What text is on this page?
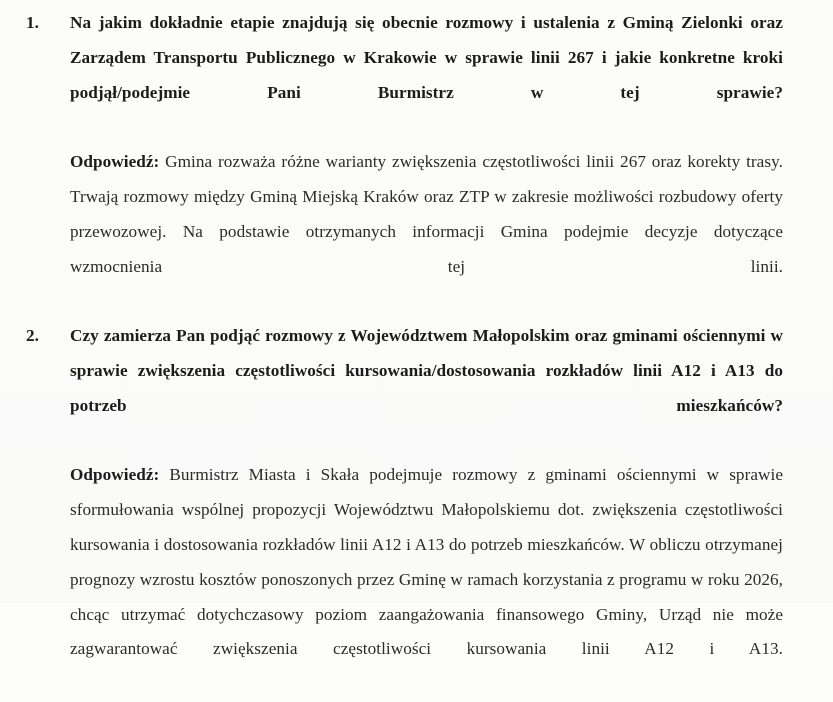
1.	Na jakim dokładnie etapie znajdują się obecnie rozmowy i ustalenia z Gminą Zielonki oraz Zarządem Transportu Publicznego w Krakowie w sprawie linii 267 i jakie konkretne kroki podjął/podejmie Pani Burmistrz w tej sprawie?

Odpowiedź: Gmina rozważa różne warianty zwiększenia częstotliwości linii 267 oraz korekty trasy. Trwają rozmowy między Gminą Miejską Kraków oraz ZTP w zakresie możliwości rozbudowy oferty przewozowej. Na podstawie otrzymanych informacji Gmina podejmie decyzje dotyczące wzmocnienia tej linii.

2.	Czy zamierza Pan podjąć rozmowy z Województwem Małopolskim oraz gminami ościennymi w sprawie zwiększenia częstotliwości kursowania/dostosowania rozkładów linii A12 i A13 do potrzeb mieszkańców?

Odpowiedź: Burmistrz Miasta i Skała podejmuje rozmowy z gminami ościennymi w sprawie sformułowania wspólnej propozycji Województwu Małopolskiemu dot. zwiększenia częstotliwości kursowania i dostosowania rozkładów linii A12 i A13 do potrzeb mieszkańców. W obliczu otrzymanej prognozy wzrostu kosztów ponoszonych przez Gminę w ramach korzystania z programu w roku 2026, chcąc utrzymać dotychczasowy poziom zaangażowania finansowego Gminy, Urząd nie może zagwarantować zwiększenia częstotliwości kursowania linii A12 i A13.
